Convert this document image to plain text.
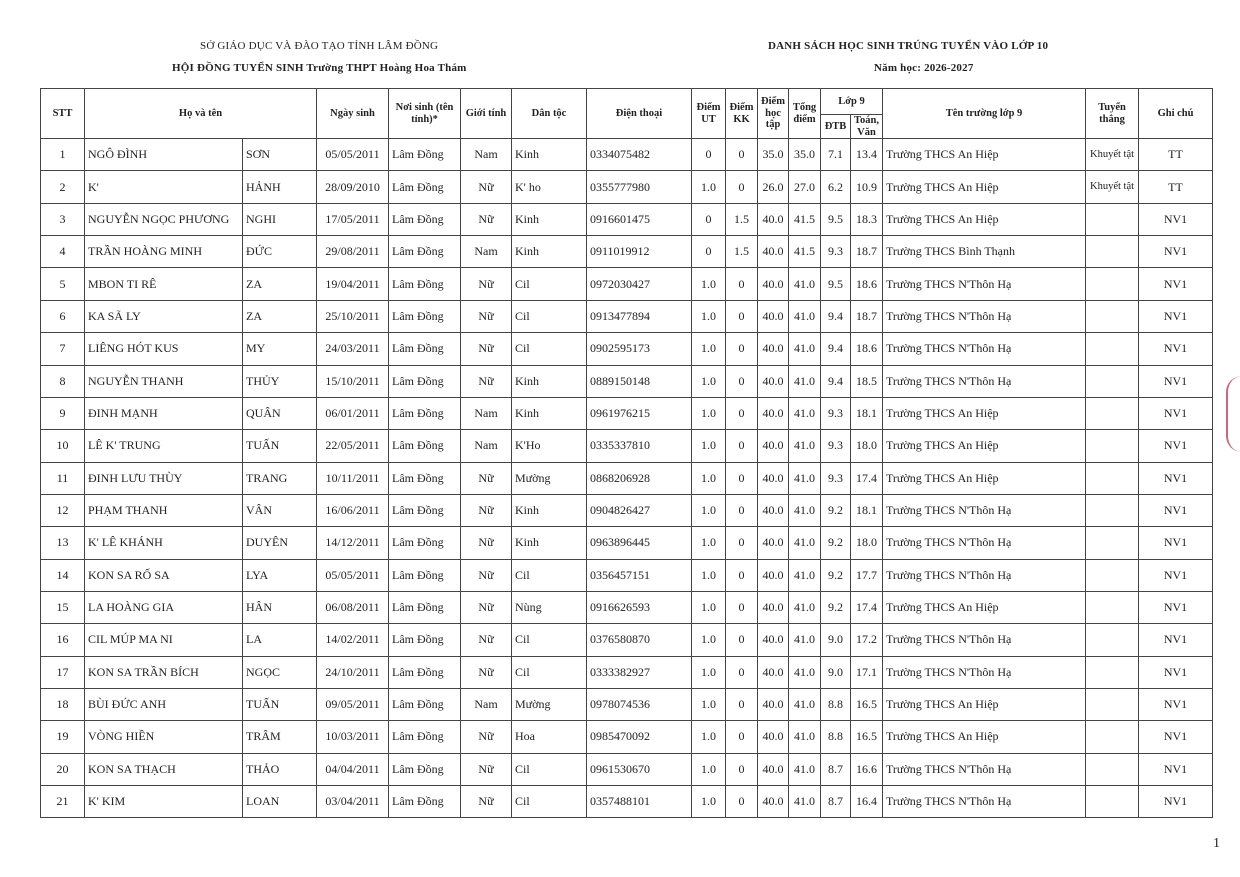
SỞ GIÁO DỤC VÀ ĐÀO TẠO TỈNH LÂM ĐỒNG
HỘI ĐỒNG TUYỂN SINH Trường THPT Hoàng Hoa Thám
DANH SÁCH HỌC SINH TRÚNG TUYỂN VÀO LỚP 10
Năm học: 2026-2027
STT	Họ và tên		Ngày sinh	Nơi sinh (tên tỉnh)*	Giới tính	Dân tộc	Điện thoại	Điểm UT	Điểm KK	Điểm học tập	Tổng điểm	Lớp 9		Tên trường lớp 9	Tuyển thẳng	Ghi chú
												ĐTB	Toán, Văn			
1	NGÔ ĐÌNH	SƠN	05/05/2011	Lâm Đồng	Nam	Kinh	0334075482	0	0	35.0	35.0	7.1	13.4	Trường THCS An Hiệp	Khuyết tật	TT
2	K'	HẢNH	28/09/2010	Lâm Đồng	Nữ	K' ho	0355777980	1.0	0	26.0	27.0	6.2	10.9	Trường THCS An Hiệp	Khuyết tật	TT
3	NGUYỄN NGỌC PHƯƠNG	NGHI	17/05/2011	Lâm Đồng	Nữ	Kinh	0916601475	0	1.5	40.0	41.5	9.5	18.3	Trường THCS An Hiệp		NV1
4	TRẦN HOÀNG MINH	ĐỨC	29/08/2011	Lâm Đồng	Nam	Kinh	0911019912	0	1.5	40.0	41.5	9.3	18.7	Trường THCS Bình Thạnh		NV1
5	MBON TI RÊ	ZA	19/04/2011	Lâm Đồng	Nữ	Cil	0972030427	1.0	0	40.0	41.0	9.5	18.6	Trường THCS N'Thôn Hạ		NV1
6	KA SÃ LY	ZA	25/10/2011	Lâm Đồng	Nữ	Cil	0913477894	1.0	0	40.0	41.0	9.4	18.7	Trường THCS N'Thôn Hạ		NV1
7	LIÊNG HÓT KUS	MY	24/03/2011	Lâm Đồng	Nữ	Cil	0902595173	1.0	0	40.0	41.0	9.4	18.6	Trường THCS N'Thôn Hạ		NV1
8	NGUYỄN THANH	THỦY	15/10/2011	Lâm Đồng	Nữ	Kinh	0889150148	1.0	0	40.0	41.0	9.4	18.5	Trường THCS N'Thôn Hạ		NV1
9	ĐINH MẠNH	QUÂN	06/01/2011	Lâm Đồng	Nam	Kinh	0961976215	1.0	0	40.0	41.0	9.3	18.1	Trường THCS An Hiệp		NV1
10	LÊ K' TRUNG	TUẤN	22/05/2011	Lâm Đồng	Nam	K'Ho	0335337810	1.0	0	40.0	41.0	9.3	18.0	Trường THCS An Hiệp		NV1
11	ĐINH LƯU THÙY	TRANG	10/11/2011	Lâm Đồng	Nữ	Mường	0868206928	1.0	0	40.0	41.0	9.3	17.4	Trường THCS An Hiệp		NV1
12	PHẠM THANH	VÂN	16/06/2011	Lâm Đồng	Nữ	Kinh	0904826427	1.0	0	40.0	41.0	9.2	18.1	Trường THCS N'Thôn Hạ		NV1
13	K' LÊ KHÁNH	DUYÊN	14/12/2011	Lâm Đồng	Nữ	Kinh	0963896445	1.0	0	40.0	41.0	9.2	18.0	Trường THCS N'Thôn Hạ		NV1
14	KON SA RỐ SA	LYA	05/05/2011	Lâm Đồng	Nữ	Cil	0356457151	1.0	0	40.0	41.0	9.2	17.7	Trường THCS N'Thôn Hạ		NV1
15	LA HOÀNG GIA	HÂN	06/08/2011	Lâm Đồng	Nữ	Nùng	0916626593	1.0	0	40.0	41.0	9.2	17.4	Trường THCS An Hiệp		NV1
16	CIL MÚP MA NI	LA	14/02/2011	Lâm Đồng	Nữ	Cil	0376580870	1.0	0	40.0	41.0	9.0	17.2	Trường THCS N'Thôn Hạ		NV1
17	KON SA TRẦN BÍCH	NGỌC	24/10/2011	Lâm Đồng	Nữ	Cil	0333382927	1.0	0	40.0	41.0	9.0	17.1	Trường THCS N'Thôn Hạ		NV1
18	BÙI ĐỨC ANH	TUẤN	09/05/2011	Lâm Đồng	Nam	Mường	0978074536	1.0	0	40.0	41.0	8.8	16.5	Trường THCS An Hiệp		NV1
19	VÒNG HIỀN	TRÂM	10/03/2011	Lâm Đồng	Nữ	Hoa	0985470092	1.0	0	40.0	41.0	8.8	16.5	Trường THCS An Hiệp		NV1
20	KON SA THẠCH	THẢO	04/04/2011	Lâm Đồng	Nữ	Cil	0961530670	1.0	0	40.0	41.0	8.7	16.6	Trường THCS N'Thôn Hạ		NV1
21	K' KIM	LOAN	03/04/2011	Lâm Đồng	Nữ	Cil	0357488101	1.0	0	40.0	41.0	8.7	16.4	Trường THCS N'Thôn Hạ		NV1
1
